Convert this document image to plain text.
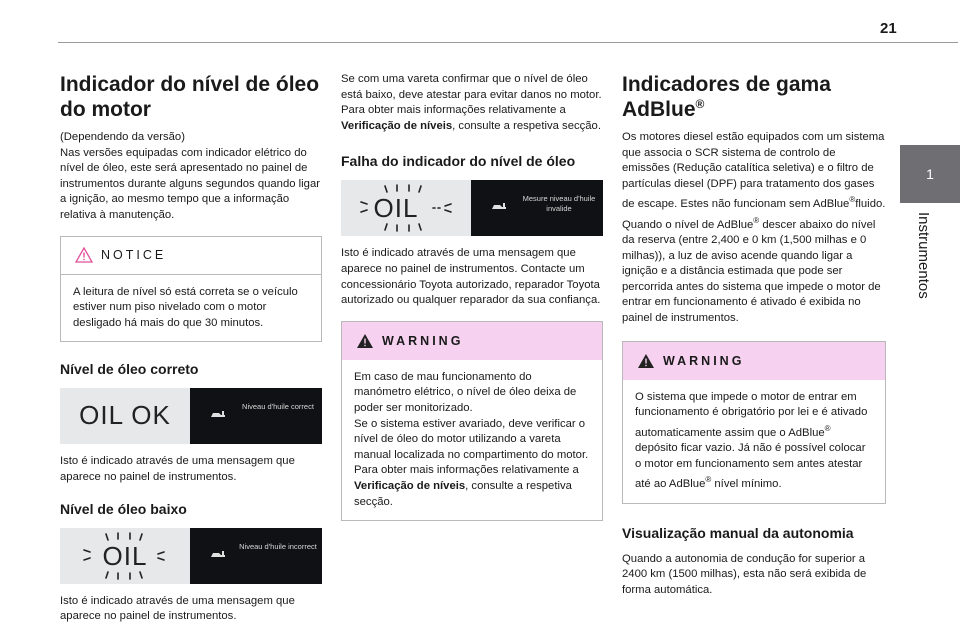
21
1
Instrumentos
Indicador do nível de óleo do motor
(Dependendo da versão)
Nas versões equipadas com indicador elétrico do nível de óleo, este será apresentado no painel de instrumentos durante alguns segundos quando ligar a ignição, ao mesmo tempo que a informação relativa à manutenção.
NOTICE
A leitura de nível só está correta se o veículo estiver num piso nivelado com o motor desligado há mais do que 30 minutos.
Nível de óleo correto
OIL OK	Niveau d'huile correct
Isto é indicado através de uma mensagem que aparece no painel de instrumentos.
Nível de óleo baixo
OIL	Niveau d'huile incorrect
Isto é indicado através de uma mensagem que aparece no painel de instrumentos.
Se com uma vareta confirmar que o nível de óleo está baixo, deve atestar para evitar danos no motor.
Para obter mais informações relativamente a Verificação de níveis, consulte a respetiva secção.
Falha do indicador do nível de óleo
OIL	Mesure niveau d'huile invalide
Isto é indicado através de uma mensagem que aparece no painel de instrumentos. Contacte um concessionário Toyota autorizado, reparador Toyota autorizado ou qualquer reparador da sua confiança.
WARNING
Em caso de mau funcionamento do manómetro elétrico, o nível de óleo deixa de poder ser monitorizado.
Se o sistema estiver avariado, deve verificar o nível de óleo do motor utilizando a vareta manual localizada no compartimento do motor.
Para obter mais informações relativamente a Verificação de níveis, consulte a respetiva secção.
Indicadores de gama AdBlue®
Os motores diesel estão equipados com um sistema que associa o SCR sistema de controlo de emissões (Redução catalítica seletiva) e o filtro de partículas diesel (DPF) para tratamento dos gases de escape. Estes não funcionam sem AdBlue®fluido.
Quando o nível de AdBlue® descer abaixo do nível da reserva (entre 2,400 e 0 km (1,500 milhas e 0 milhas)), a luz de aviso acende quando ligar a ignição e a distância estimada que pode ser percorrida antes do sistema que impede o motor de entrar em funcionamento é ativado é exibida no painel de instrumentos.
WARNING
O sistema que impede o motor de entrar em funcionamento é obrigatório por lei e é ativado automaticamente assim que o AdBlue® depósito ficar vazio. Já não é possível colocar o motor em funcionamento sem antes atestar até ao AdBlue® nível mínimo.
Visualização manual da autonomia
Quando a autonomia de condução for superior a 2400 km (1500 milhas), esta não será exibida de forma automática.
